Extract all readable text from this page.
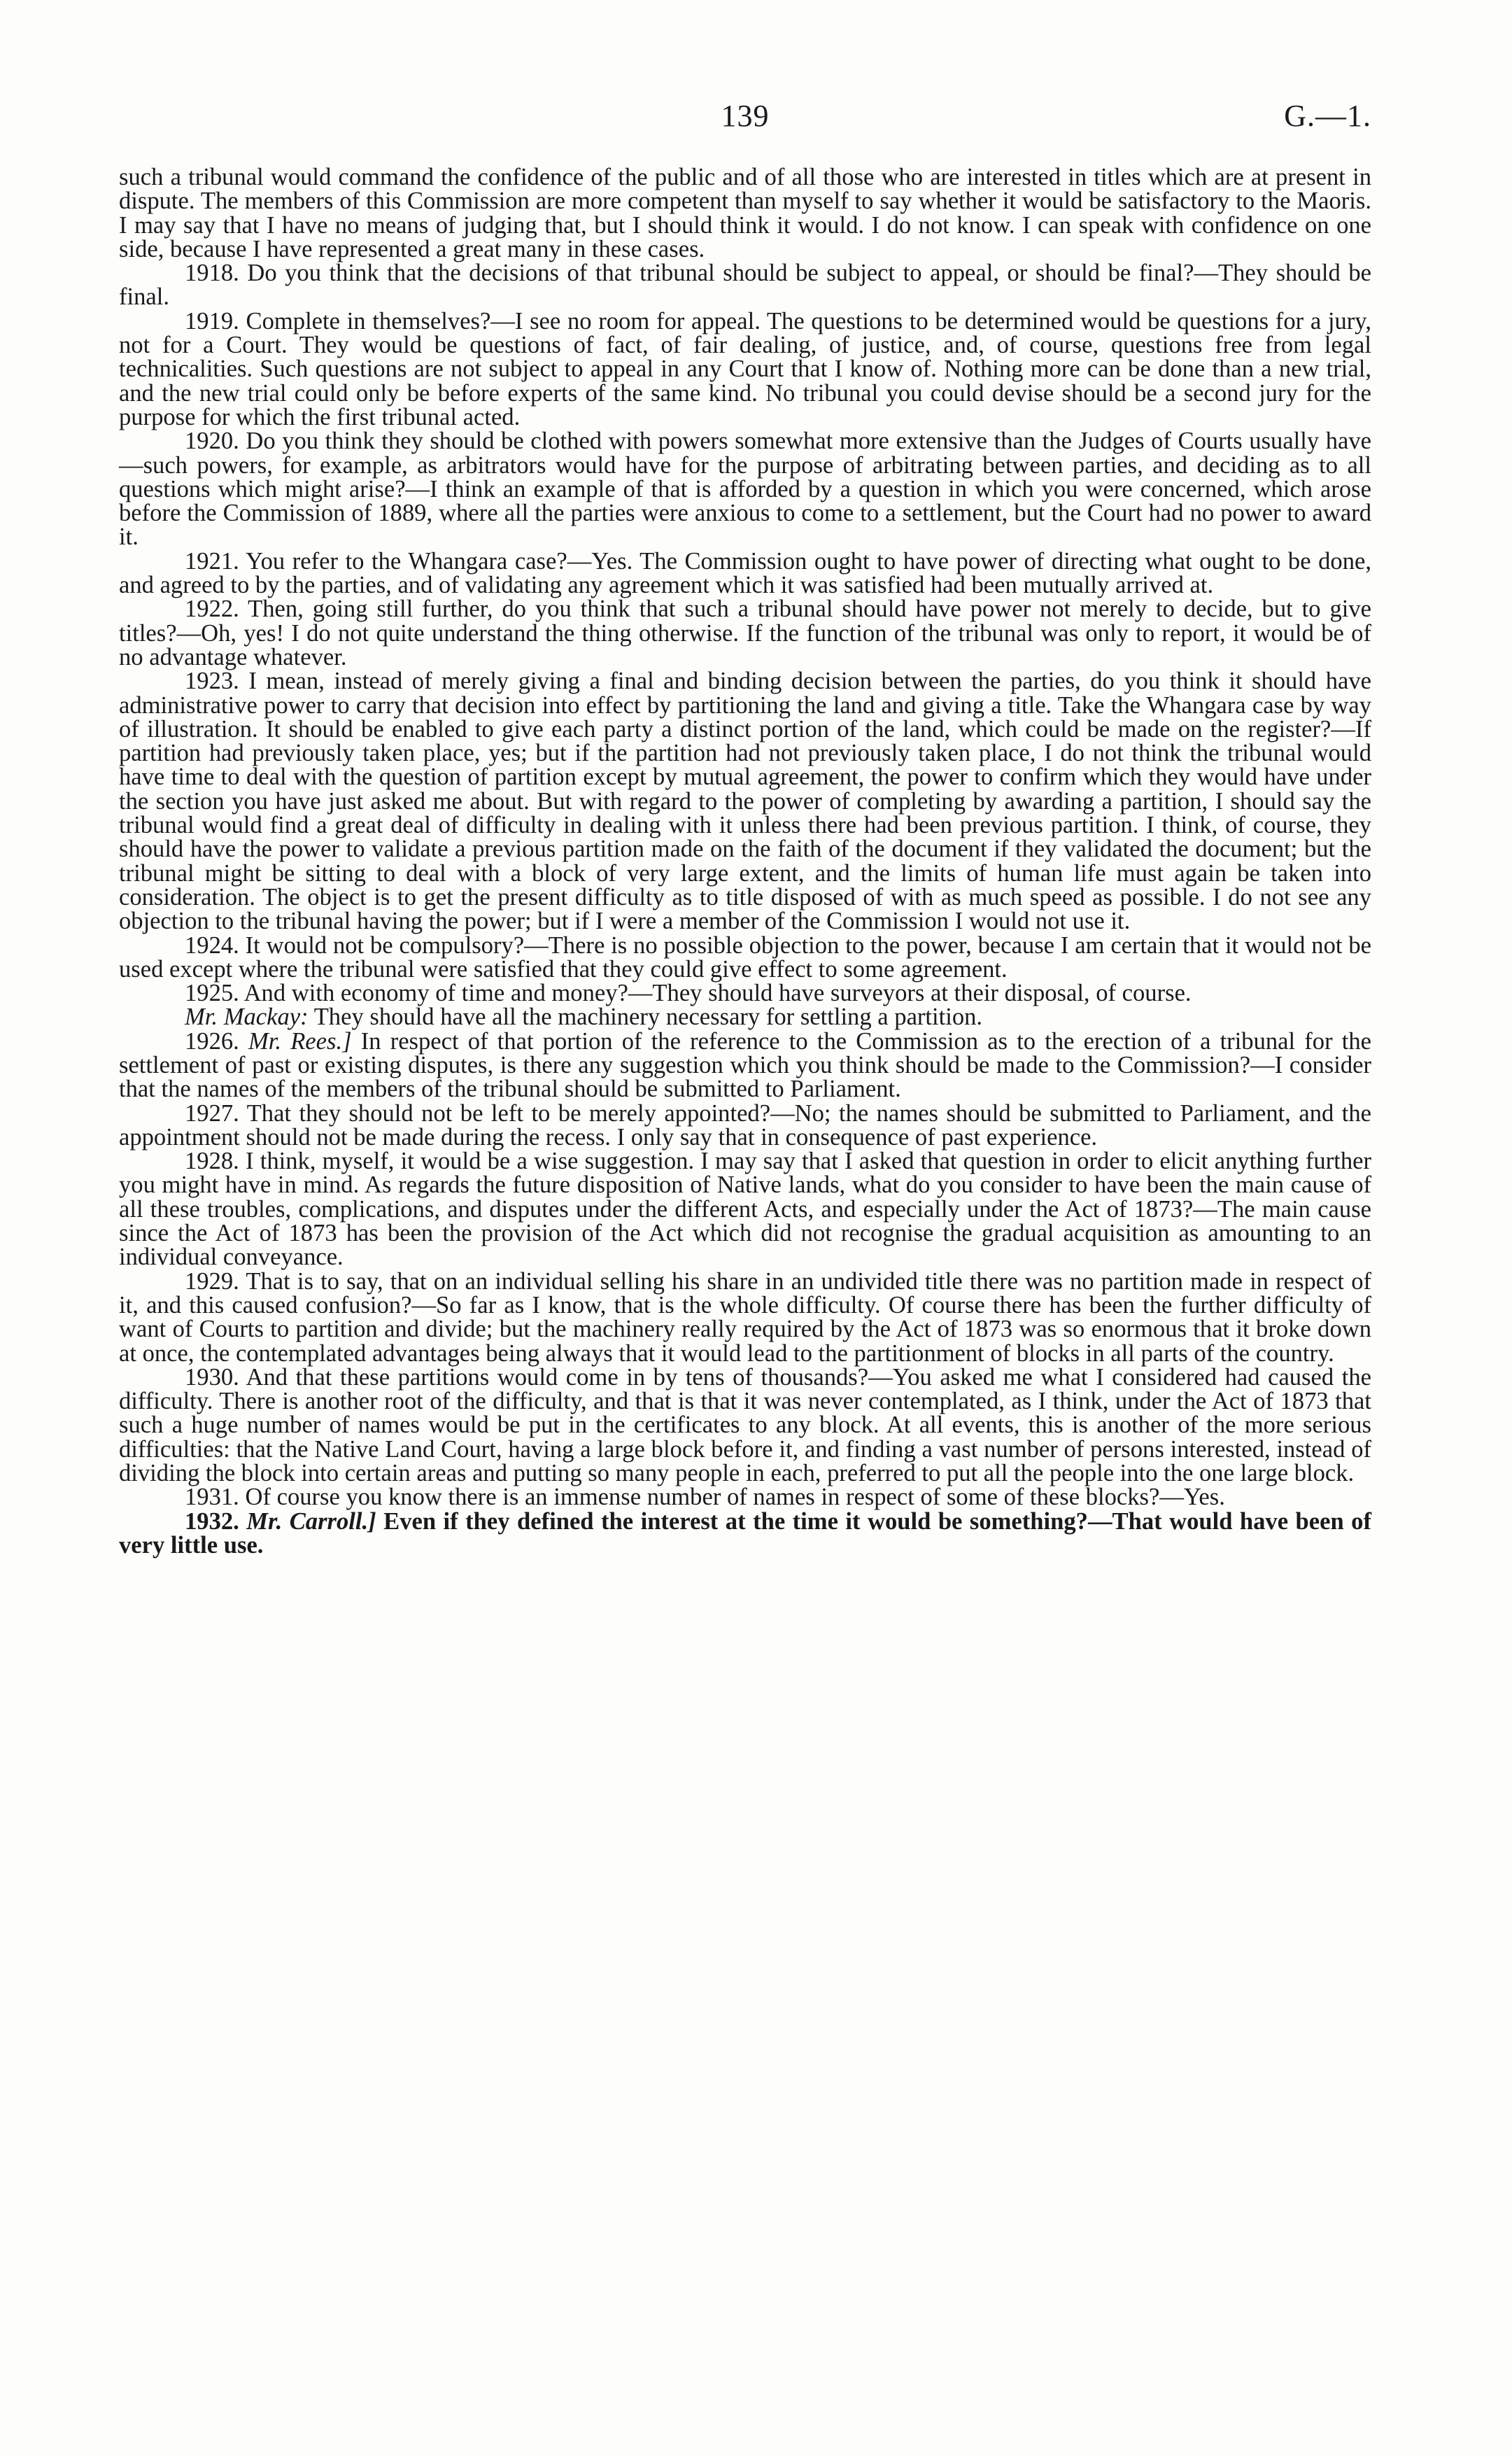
139	G.—1.

such a tribunal would command the confidence of the public and of all those who are interested in titles which are at present in dispute. The members of this Commission are more competent than myself to say whether it would be satisfactory to the Maoris. I may say that I have no means of judging that, but I should think it would. I do not know. I can speak with confidence on one side, because I have represented a great many in these cases.

1918. Do you think that the decisions of that tribunal should be subject to appeal, or should be final?—They should be final.

1919. Complete in themselves?—I see no room for appeal. The questions to be determined would be questions for a jury, not for a Court. They would be questions of fact, of fair dealing, of justice, and, of course, questions free from legal technicalities. Such questions are not subject to appeal in any Court that I know of. Nothing more can be done than a new trial, and the new trial could only be before experts of the same kind. No tribunal you could devise should be a second jury for the purpose for which the first tribunal acted.

1920. Do you think they should be clothed with powers somewhat more extensive than the Judges of Courts usually have—such powers, for example, as arbitrators would have for the purpose of arbitrating between parties, and deciding as to all questions which might arise?—I think an example of that is afforded by a question in which you were concerned, which arose before the Commission of 1889, where all the parties were anxious to come to a settlement, but the Court had no power to award it.

1921. You refer to the Whangara case?—Yes. The Commission ought to have power of directing what ought to be done, and agreed to by the parties, and of validating any agreement which it was satisfied had been mutually arrived at.

1922. Then, going still further, do you think that such a tribunal should have power not merely to decide, but to give titles?—Oh, yes! I do not quite understand the thing otherwise. If the function of the tribunal was only to report, it would be of no advantage whatever.

1923. I mean, instead of merely giving a final and binding decision between the parties, do you think it should have administrative power to carry that decision into effect by partitioning the land and giving a title. Take the Whangara case by way of illustration. It should be enabled to give each party a distinct portion of the land, which could be made on the register?—If partition had previously taken place, yes; but if the partition had not previously taken place, I do not think the tribunal would have time to deal with the question of partition except by mutual agreement, the power to confirm which they would have under the section you have just asked me about. But with regard to the power of completing by awarding a partition, I should say the tribunal would find a great deal of difficulty in dealing with it unless there had been previous partition. I think, of course, they should have the power to validate a previous partition made on the faith of the document if they validated the document; but the tribunal might be sitting to deal with a block of very large extent, and the limits of human life must again be taken into consideration. The object is to get the present difficulty as to title disposed of with as much speed as possible. I do not see any objection to the tribunal having the power; but if I were a member of the Commission I would not use it.

1924. It would not be compulsory?—There is no possible objection to the power, because I am certain that it would not be used except where the tribunal were satisfied that they could give effect to some agreement.

1925. And with economy of time and money?—They should have surveyors at their disposal, of course.

Mr. Mackay: They should have all the machinery necessary for settling a partition.

1926. Mr. Rees.] In respect of that portion of the reference to the Commission as to the erection of a tribunal for the settlement of past or existing disputes, is there any suggestion which you think should be made to the Commission?—I consider that the names of the members of the tribunal should be submitted to Parliament.

1927. That they should not be left to be merely appointed?—No; the names should be submitted to Parliament, and the appointment should not be made during the recess. I only say that in consequence of past experience.

1928. I think, myself, it would be a wise suggestion. I may say that I asked that question in order to elicit anything further you might have in mind. As regards the future disposition of Native lands, what do you consider to have been the main cause of all these troubles, complications, and disputes under the different Acts, and especially under the Act of 1873?—The main cause since the Act of 1873 has been the provision of the Act which did not recognise the gradual acquisition as amounting to an individual conveyance.

1929. That is to say, that on an individual selling his share in an undivided title there was no partition made in respect of it, and this caused confusion?—So far as I know, that is the whole difficulty. Of course there has been the further difficulty of want of Courts to partition and divide; but the machinery really required by the Act of 1873 was so enormous that it broke down at once, the contemplated advantages being always that it would lead to the partitionment of blocks in all parts of the country.

1930. And that these partitions would come in by tens of thousands?—You asked me what I considered had caused the difficulty. There is another root of the difficulty, and that is that it was never contemplated, as I think, under the Act of 1873 that such a huge number of names would be put in the certificates to any block. At all events, this is another of the more serious difficulties: that the Native Land Court, having a large block before it, and finding a vast number of persons interested, instead of dividing the block into certain areas and putting so many people in each, preferred to put all the people into the one large block.

1931. Of course you know there is an immense number of names in respect of some of these blocks?—Yes.

1932. Mr. Carroll.] Even if they defined the interest at the time it would be something?—That would have been of very little use.
